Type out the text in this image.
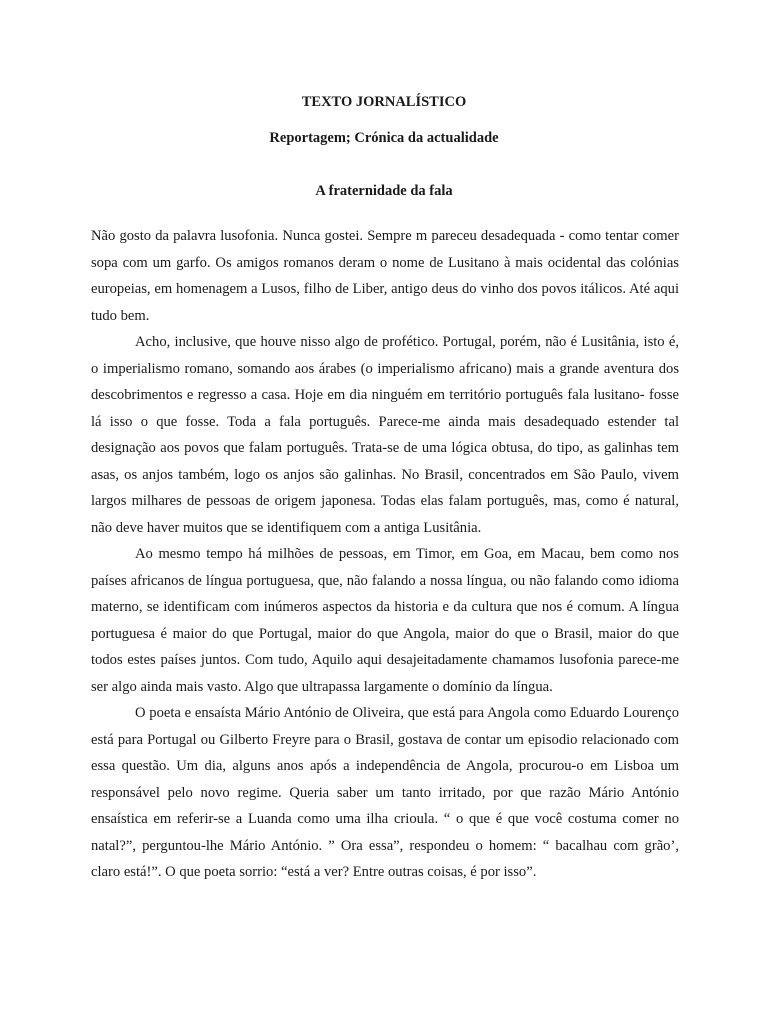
TEXTO JORNALÍSTICO
Reportagem; Crónica da actualidade
A fraternidade da fala

Não gosto da palavra lusofonia. Nunca gostei. Sempre m pareceu desadequada - como tentar comer sopa com um garfo. Os amigos romanos deram o nome de Lusitano à mais ocidental das colónias europeias, em homenagem a Lusos, filho de Liber, antigo deus do vinho dos povos itálicos. Até aqui tudo bem.

Acho, inclusive, que houve nisso algo de profético. Portugal, porém, não é Lusitânia, isto é, o imperialismo romano, somando aos árabes (o imperialismo africano) mais a grande aventura dos descobrimentos e regresso a casa. Hoje em dia ninguém em território português fala lusitano- fosse lá isso o que fosse. Toda a fala português. Parece-me ainda mais desadequado estender tal designação aos povos que falam português. Trata-se de uma lógica obtusa, do tipo, as galinhas tem asas, os anjos também, logo os anjos são galinhas. No Brasil, concentrados em São Paulo, vivem largos milhares de pessoas de origem japonesa. Todas elas falam português, mas, como é natural, não deve haver muitos que se identifiquem com a antiga Lusitânia.

Ao mesmo tempo há milhões de pessoas, em Timor, em Goa, em Macau, bem como nos países africanos de língua portuguesa, que, não falando a nossa língua, ou não falando como idioma materno, se identificam com inúmeros aspectos da historia e da cultura que nos é comum. A língua portuguesa é maior do que Portugal, maior do que Angola, maior do que o Brasil, maior do que todos estes países juntos. Com tudo, Aquilo aqui desajeitadamente chamamos lusofonia parece-me ser algo ainda mais vasto. Algo que ultrapassa largamente o domínio da língua.

O poeta e ensaísta Mário António de Oliveira, que está para Angola como Eduardo Lourenço está para Portugal ou Gilberto Freyre para o Brasil, gostava de contar um episodio relacionado com essa questão. Um dia, alguns anos após a independência de Angola, procurou-o em Lisboa um responsável pelo novo regime. Queria saber um tanto irritado, por que razão Mário António ensaística em referir-se a Luanda como uma ilha crioula. “ o que é que você costuma comer no natal?”, perguntou-lhe Mário António. ” Ora essa”, respondeu o homem: “ bacalhau com grão’, claro está!”. O que poeta sorrio: “está a ver? Entre outras coisas, é por isso”.
